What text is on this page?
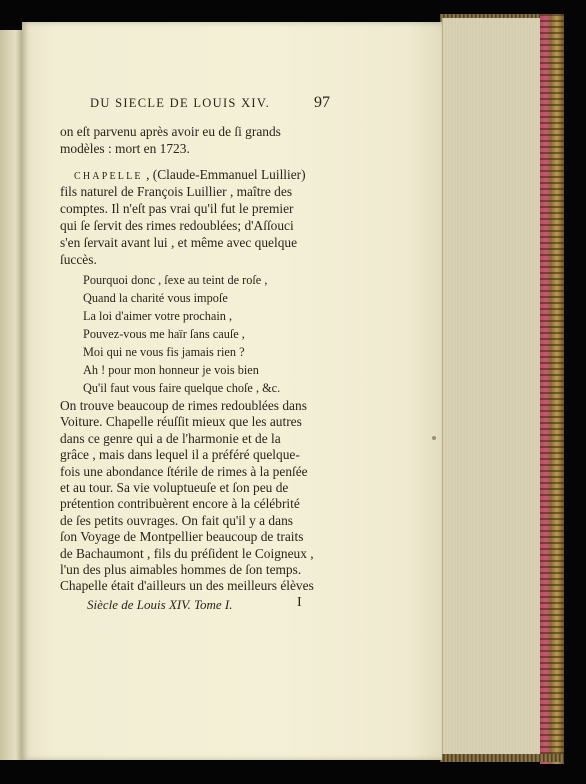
DU SIECLE DE LOUIS XIV.	97
on eſt parvenu après avoir eu de ſi grands
modèles : mort en 1723.
CHAPELLE , (Claude-Emmanuel Luillier)
fils naturel de François Luillier , maître des
comptes. Il n'eſt pas vrai qu'il fut le premier
qui ſe ſervit des rimes redoublées; d'Aſſouci
s'en ſervait avant lui , et même avec quelque
ſuccès.
Pourquoi donc , ſexe au teint de roſe ,
Quand la charité vous impoſe
La loi d'aimer votre prochain ,
Pouvez-vous me haïr ſans cauſe ,
Moi qui ne vous fis jamais rien ?
Ah ! pour mon honneur je vois bien
Qu'il faut vous faire quelque choſe , &c.
On trouve beaucoup de rimes redoublées dans
Voiture. Chapelle réuſſit mieux que les autres
dans ce genre qui a de l'harmonie et de la
grâce , mais dans lequel il a préféré quelque-
fois une abondance ſtérile de rimes à la penſée
et au tour. Sa vie voluptueuſe et ſon peu de
prétention contribuèrent encore à la célébrité
de ſes petits ouvrages. On fait qu'il y a dans
ſon Voyage de Montpellier beaucoup de traits
de Bachaumont , fils du préſident le Coigneux ,
l'un des plus aimables hommes de ſon temps.
Chapelle était d'ailleurs un des meilleurs élèves
Siècle de Louis XIV. Tome I.	I
